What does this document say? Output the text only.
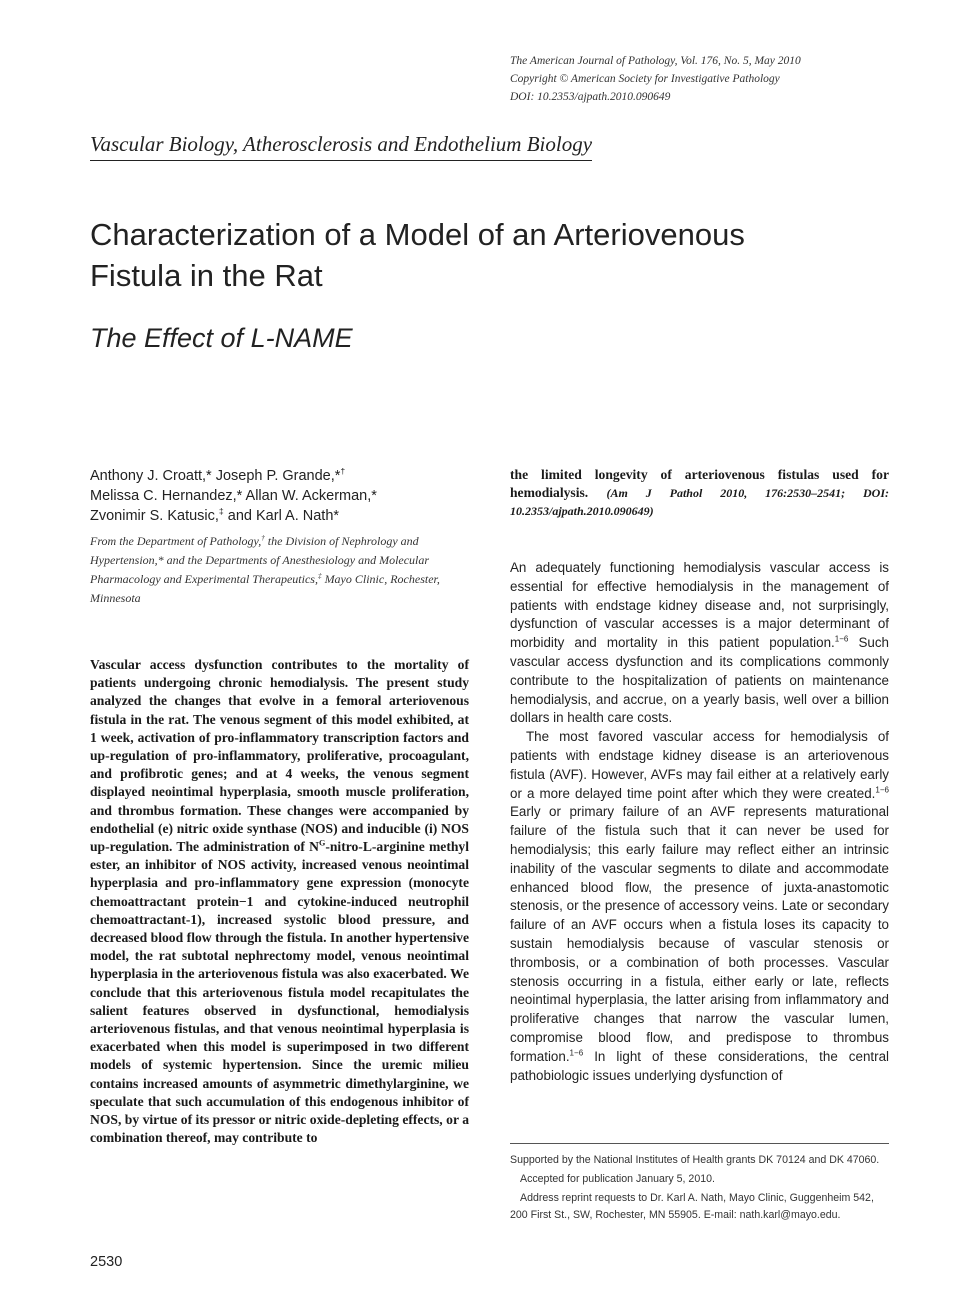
The American Journal of Pathology, Vol. 176, No. 5, May 2010
Copyright © American Society for Investigative Pathology
DOI: 10.2353/ajpath.2010.090649
Vascular Biology, Atherosclerosis and Endothelium Biology
Characterization of a Model of an Arteriovenous
Fistula in the Rat
The Effect of L-NAME
Anthony J. Croatt,* Joseph P. Grande,*†
Melissa C. Hernandez,* Allan W. Ackerman,*
Zvonimir S. Katusic,‡ and Karl A. Nath*
From the Department of Pathology,† the Division of Nephrology and Hypertension,* and the Departments of Anesthesiology and Molecular Pharmacology and Experimental Therapeutics,‡ Mayo Clinic, Rochester, Minnesota
Vascular access dysfunction contributes to the mortality of patients undergoing chronic hemodialysis. The present study analyzed the changes that evolve in a femoral arteriovenous fistula in the rat. The venous segment of this model exhibited, at 1 week, activation of pro-inflammatory transcription factors and up-regulation of pro-inflammatory, proliferative, procoagulant, and profibrotic genes; and at 4 weeks, the venous segment displayed neointimal hyperplasia, smooth muscle proliferation, and thrombus formation. These changes were accompanied by endothelial (e) nitric oxide synthase (NOS) and inducible (i) NOS up-regulation. The administration of $N^G-nitro-L$-arginine methyl ester, an inhibitor of NOS activity, increased venous neointimal hyperplasia and pro-inflammatory gene expression (monocyte chemoattractant protein−1 and cytokine-induced neutrophil chemoattractant-1), increased systolic blood pressure, and decreased blood flow through the fistula. In another hypertensive model, the rat subtotal nephrectomy model, venous neointimal hyperplasia in the arteriovenous fistula was also exacerbated. We conclude that this arteriovenous fistula model recapitulates the salient features observed in dysfunctional, hemodialysis arteriovenous fistulas, and that venous neointimal hyperplasia is exacerbated when this model is superimposed in two different models of systemic hypertension. Since the uremic milieu contains increased amounts of asymmetric dimethylarginine, we speculate that such accumulation of this endogenous inhibitor of NOS, by virtue of its pressor or nitric oxide-depleting effects, or a combination thereof, may contribute to
the limited longevity of arteriovenous fistulas used for hemodialysis. (Am J Pathol 2010, 176:2530–2541; DOI: 10.2353/ajpath.2010.090649)

An adequately functioning hemodialysis vascular access is essential for effective hemodialysis in the management of patients with endstage kidney disease and, not surprisingly, dysfunction of vascular accesses is a major determinant of morbidity and mortality in this patient population.$^{1-6}$ Such vascular access dysfunction and its complications commonly contribute to the hospitalization of patients on maintenance hemodialysis, and accrue, on a yearly basis, well over a billion dollars in health care costs.

The most favored vascular access for hemodialysis of patients with endstage kidney disease is an arteriovenous fistula (AVF). However, AVFs may fail either at a relatively early or a more delayed time point after which they were created.$^{1-6}$ Early or primary failure of an AVF represents maturational failure of the fistula such that it can never be used for hemodialysis; this early failure may reflect either an intrinsic inability of the vascular segments to dilate and accommodate enhanced blood flow, the presence of juxta-anastomotic stenosis, or the presence of accessory veins. Late or secondary failure of an AVF occurs when a fistula loses its capacity to sustain hemodialysis because of vascular stenosis or thrombosis, or a combination of both processes. Vascular stenosis occurring in a fistula, either early or late, reflects neointimal hyperplasia, the latter arising from inflammatory and proliferative changes that narrow the vascular lumen, compromise blood flow, and predispose to thrombus formation.$^{1-6}$ In light of these considerations, the central pathobiologic issues underlying dysfunction of

Supported by the National Institutes of Health grants DK 70124 and DK 47060.

Accepted for publication January 5, 2010.

Address reprint requests to Dr. Karl A. Nath, Mayo Clinic, Guggenheim 542, 200 First St., SW, Rochester, MN 55905. E-mail: nath.karl@mayo.edu.

2530
